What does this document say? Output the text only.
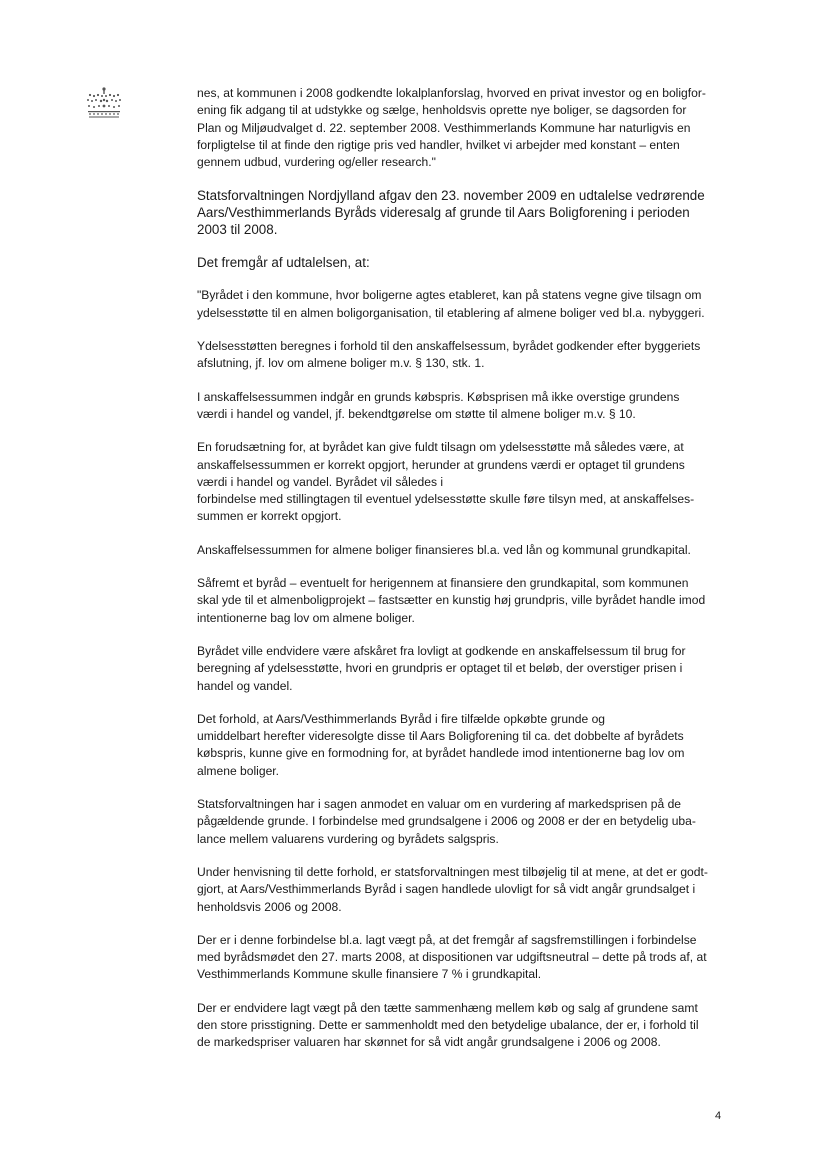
nes, at kommunen i 2008 godkendte lokalplanforslag, hvorved en privat investor og en boligfor-
ening fik adgang til at udstykke og sælge, henholdsvis oprette nye boliger, se dagsorden for
Plan og Miljøudvalget d. 22. september 2008. Vesthimmerlands Kommune har naturligvis en
forpligtelse til at finde den rigtige pris ved handler, hvilket vi arbejder med konstant – enten
gennem udbud, vurdering og/eller research."

Statsforvaltningen Nordjylland afgav den 23. november 2009 en udtalelse vedrørende
Aars/Vesthimmerlands Byråds videresalg af grunde til Aars Boligforening i perioden
2003 til 2008.

Det fremgår af udtalelsen, at:

"Byrådet i den kommune, hvor boligerne agtes etableret, kan på statens vegne give tilsagn om
ydelsesstøtte til en almen boligorganisation, til etablering af almene boliger ved bl.a. nybyggeri.

Ydelsesstøtten beregnes i forhold til den anskaffelsessum, byrådet godkender efter byggeriets
afslutning, jf. lov om almene boliger m.v. § 130, stk. 1.

I anskaffelsessummen indgår en grunds købspris. Købsprisen må ikke overstige grundens
værdi i handel og vandel, jf. bekendtgørelse om støtte til almene boliger m.v. § 10.

En forudsætning for, at byrådet kan give fuldt tilsagn om ydelsesstøtte må således være, at
anskaffelsessummen er korrekt opgjort, herunder at grundens værdi er optaget til grundens
værdi i handel og vandel. Byrådet vil således i
forbindelse med stillingtagen til eventuel ydelsesstøtte skulle føre tilsyn med, at anskaffelses-
summen er korrekt opgjort.

Anskaffelsessummen for almene boliger finansieres bl.a. ved lån og kommunal grundkapital.

Såfremt et byråd – eventuelt for herigennem at finansiere den grundkapital, som kommunen
skal yde til et almenboligprojekt – fastsætter en kunstig høj grundpris, ville byrådet handle imod
intentionerne bag lov om almene boliger.

Byrådet ville endvidere være afskåret fra lovligt at godkende en anskaffelsessum til brug for
beregning af ydelsesstøtte, hvori en grundpris er optaget til et beløb, der overstiger prisen i
handel og vandel.

Det forhold, at Aars/Vesthimmerlands Byråd i fire tilfælde opkøbte grunde og
umiddelbart herefter videresolgte disse til Aars Boligforening til ca. det dobbelte af byrådets
købspris, kunne give en formodning for, at byrådet handlede imod intentionerne bag lov om
almene boliger.

Statsforvaltningen har i sagen anmodet en valuar om en vurdering af markedsprisen på de
pågældende grunde. I forbindelse med grundsalgene i 2006 og 2008 er der en betydelig uba-
lance mellem valuarens vurdering og byrådets salgspris.

Under henvisning til dette forhold, er statsforvaltningen mest tilbøjelig til at mene, at det er godt-
gjort, at Aars/Vesthimmerlands Byråd i sagen handlede ulovligt for så vidt angår grundsalget i
henholdsvis 2006 og 2008.

Der er i denne forbindelse bl.a. lagt vægt på, at det fremgår af sagsfremstillingen i forbindelse
med byrådsmødet den 27. marts 2008, at dispositionen var udgiftsneutral – dette på trods af, at
Vesthimmerlands Kommune skulle finansiere 7 % i grundkapital.

Der er endvidere lagt vægt på den tætte sammenhæng mellem køb og salg af grundene samt
den store prisstigning. Dette er sammenholdt med den betydelige ubalance, der er, i forhold til
de markedspriser valuaren har skønnet for så vidt angår grundsalgene i 2006 og 2008.

4
